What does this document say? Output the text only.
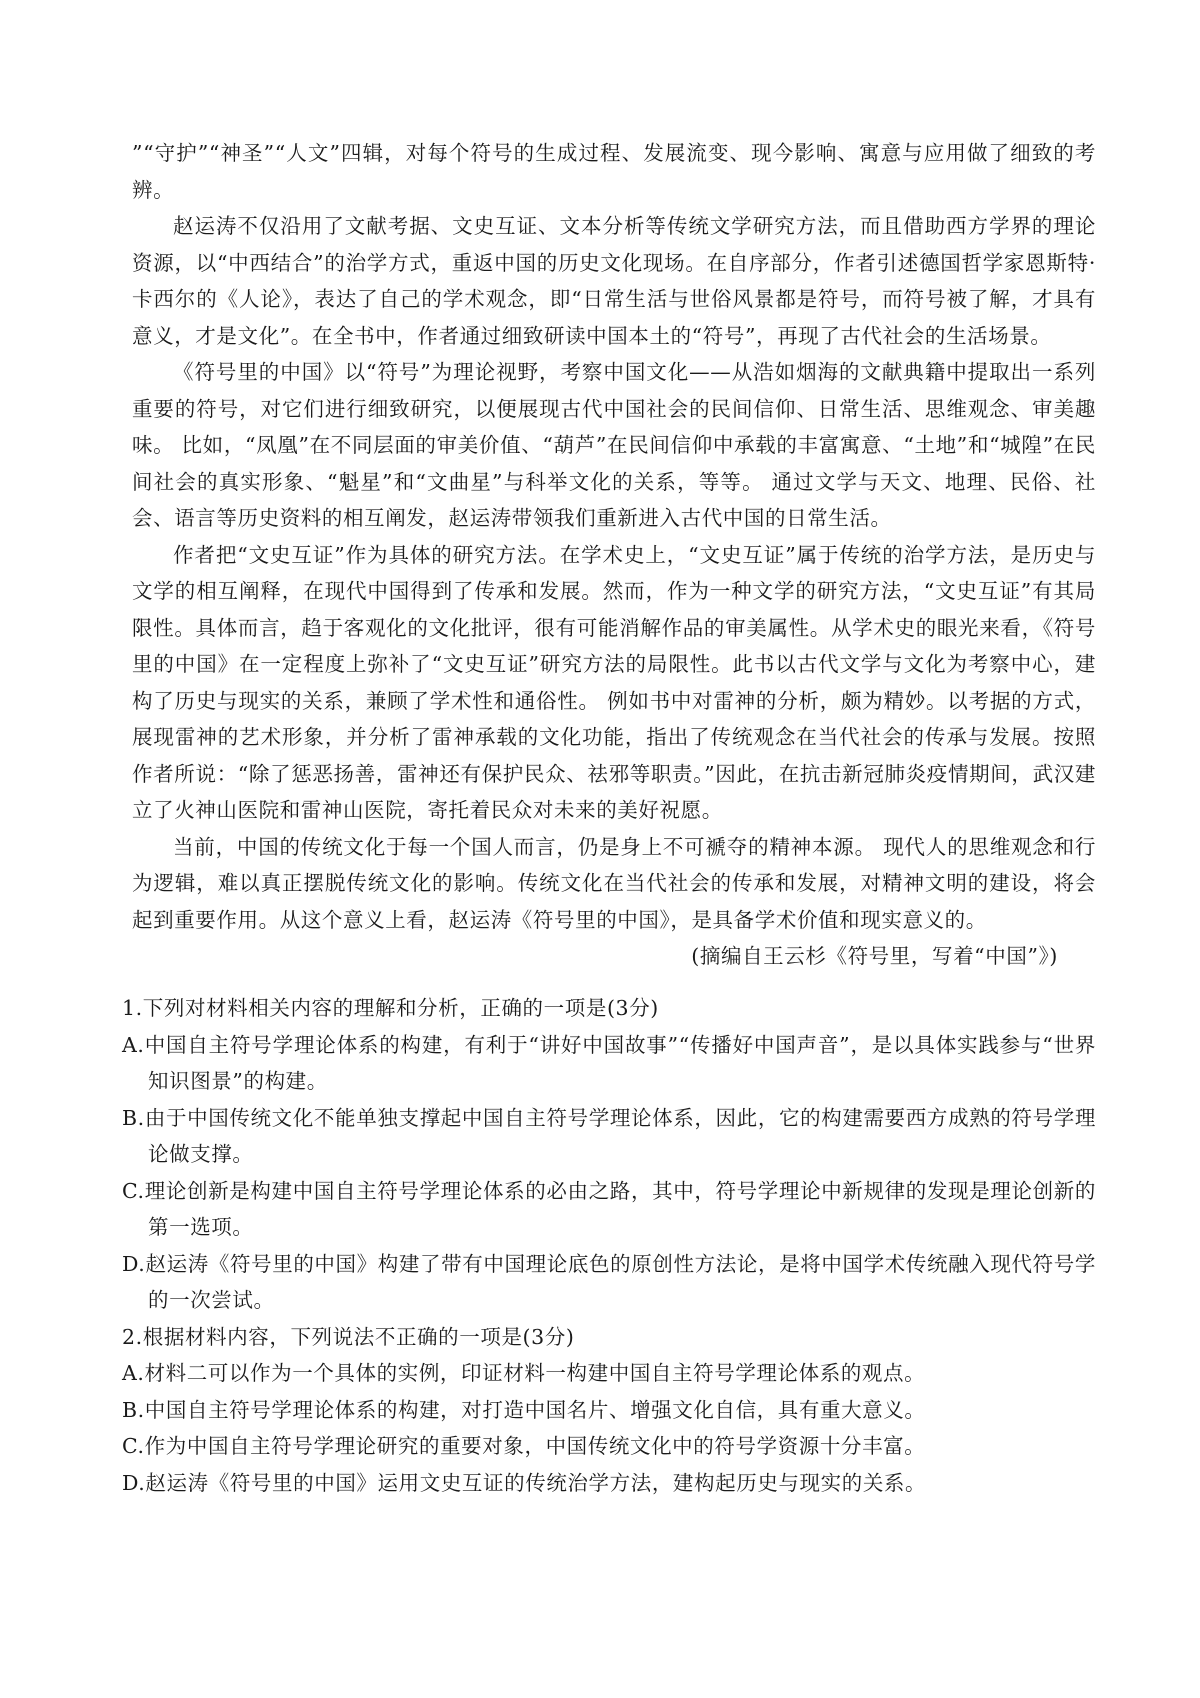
”“守护”“神圣”“人文”四辑，对每个符号的生成过程、发展流变、现今影响、寓意与应用做了细致的考辨。

赵运涛不仅沿用了文献考据、文史互证、文本分析等传统文学研究方法，而且借助西方学界的理论资源，以“中西结合”的治学方式，重返中国的历史文化现场。在自序部分，作者引述德国哲学家恩斯特·卡西尔的《人论》，表达了自己的学术观念，即“日常生活与世俗风景都是符号，而符号被了解，才具有意义，才是文化”。在全书中，作者通过细致研读中国本土的“符号”，再现了古代社会的生活场景。

《符号里的中国》以“符号”为理论视野，考察中国文化——从浩如烟海的文献典籍中提取出一系列重要的符号，对它们进行细致研究，以便展现古代中国社会的民间信仰、日常生活、思维观念、审美趣味。 比如，“凤凰”在不同层面的审美价值、“葫芦”在民间信仰中承载的丰富寓意、“土地”和“城隍”在民间社会的真实形象、“魁星”和“文曲星”与科举文化的关系，等等。 通过文学与天文、地理、民俗、社会、语言等历史资料的相互阐发，赵运涛带领我们重新进入古代中国的日常生活。

作者把“文史互证”作为具体的研究方法。在学术史上，“文史互证”属于传统的治学方法，是历史与文学的相互阐释，在现代中国得到了传承和发展。然而，作为一种文学的研究方法，“文史互证”有其局限性。具体而言，趋于客观化的文化批评，很有可能消解作品的审美属性。从学术史的眼光来看，《符号里的中国》在一定程度上弥补了“文史互证”研究方法的局限性。此书以古代文学与文化为考察中心，建构了历史与现实的关系，兼顾了学术性和通俗性。 例如书中对雷神的分析，颇为精妙。以考据的方式，展现雷神的艺术形象，并分析了雷神承载的文化功能，指出了传统观念在当代社会的传承与发展。按照作者所说：“除了惩恶扬善，雷神还有保护民众、祛邪等职责。”因此，在抗击新冠肺炎疫情期间，武汉建立了火神山医院和雷神山医院，寄托着民众对未来的美好祝愿。

当前，中国的传统文化于每一个国人而言，仍是身上不可褫夺的精神本源。 现代人的思维观念和行为逻辑，难以真正摆脱传统文化的影响。传统文化在当代社会的传承和发展，对精神文明的建设，将会起到重要作用。从这个意义上看，赵运涛《符号里的中国》，是具备学术价值和现实意义的。

(摘编自王云杉《符号里，写着“中国”》)

1.下列对材料相关内容的理解和分析，正确的一项是(3分)

A.中国自主符号学理论体系的构建，有利于“讲好中国故事”“传播好中国声音”，是以具体实践参与“世界知识图景”的构建。

B.由于中国传统文化不能单独支撑起中国自主符号学理论体系，因此，它的构建需要西方成熟的符号学理论做支撑。

C.理论创新是构建中国自主符号学理论体系的必由之路，其中，符号学理论中新规律的发现是理论创新的第一选项。

D.赵运涛《符号里的中国》构建了带有中国理论底色的原创性方法论，是将中国学术传统融入现代符号学的一次尝试。

2.根据材料内容，下列说法不正确的一项是(3分)

A.材料二可以作为一个具体的实例，印证材料一构建中国自主符号学理论体系的观点。

B.中国自主符号学理论体系的构建，对打造中国名片、增强文化自信，具有重大意义。

C.作为中国自主符号学理论研究的重要对象，中国传统文化中的符号学资源十分丰富。

D.赵运涛《符号里的中国》运用文史互证的传统治学方法，建构起历史与现实的关系。
